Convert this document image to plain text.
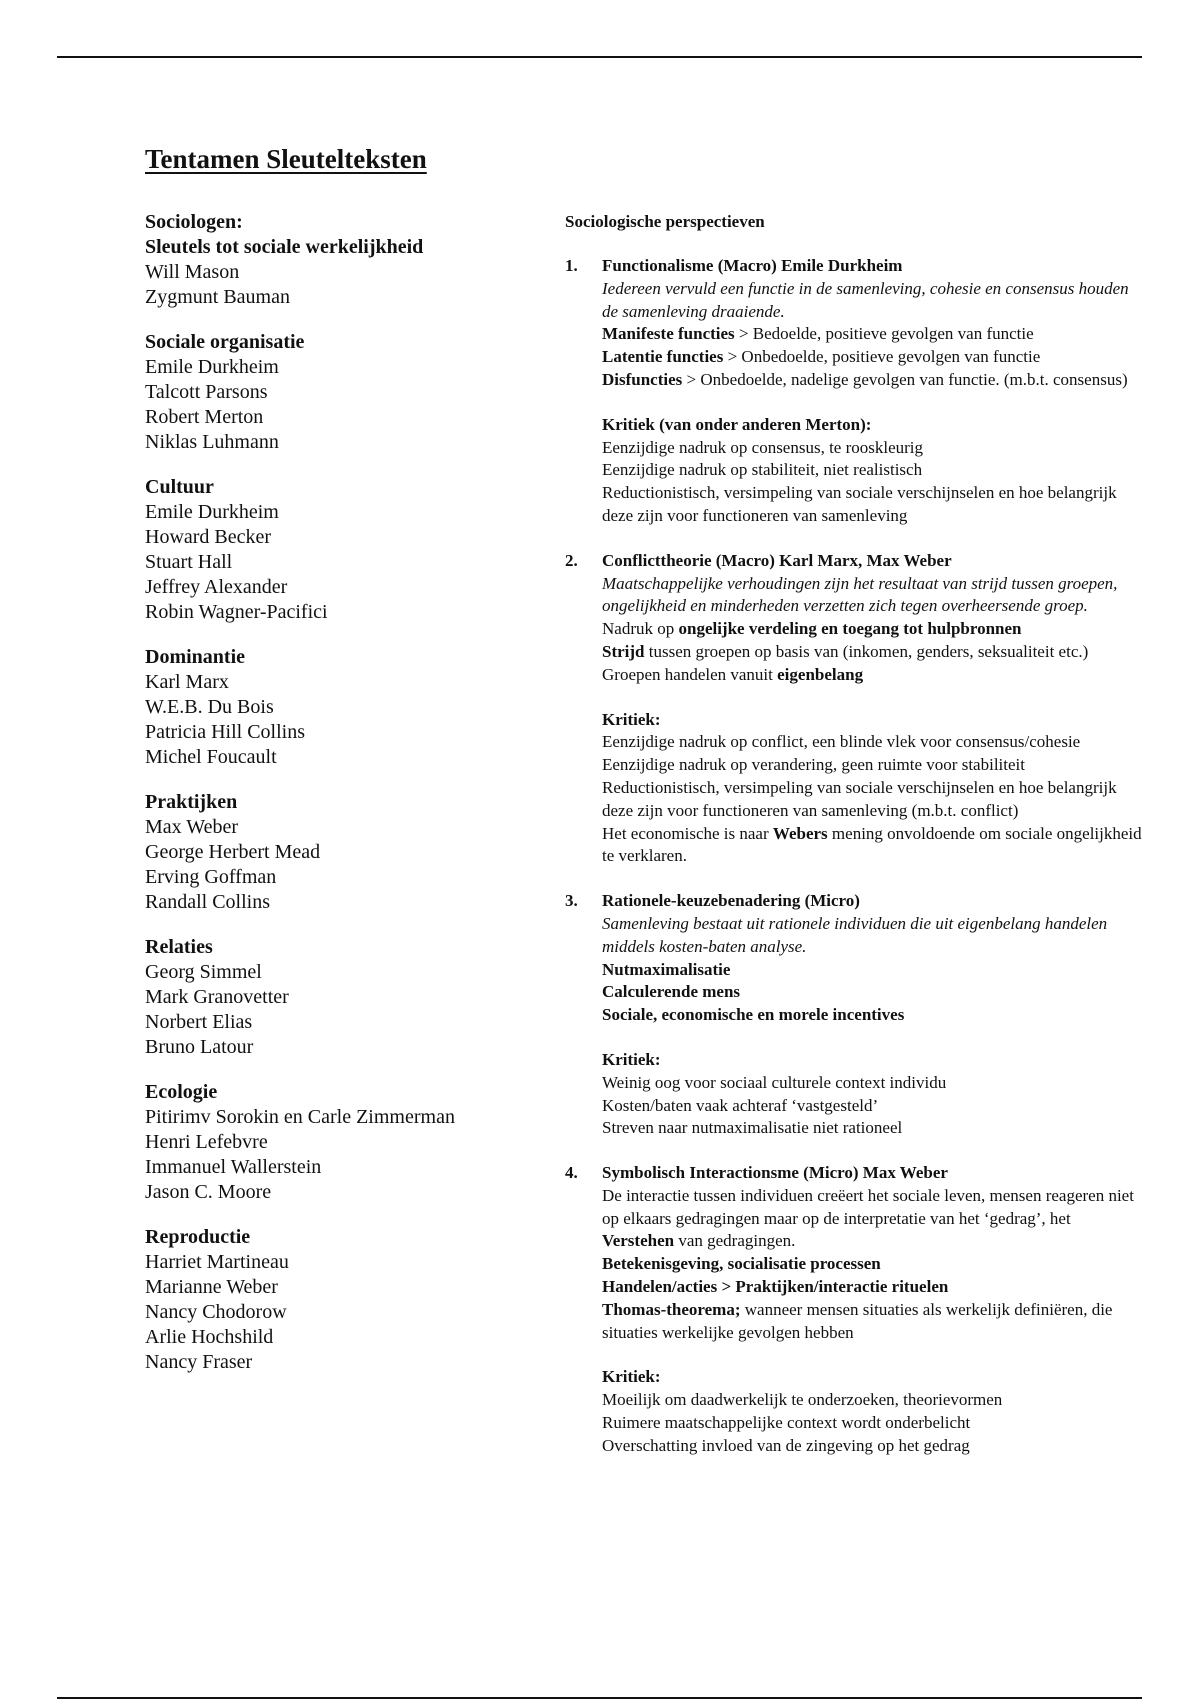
Tentamen Sleutelteksten
Sociologen:
Sleutels tot sociale werkelijkheid
Will Mason
Zygmunt Bauman
Sociale organisatie
Emile Durkheim
Talcott Parsons
Robert Merton
Niklas Luhmann
Cultuur
Emile Durkheim
Howard Becker
Stuart Hall
Jeffrey Alexander
Robin Wagner-Pacifici
Dominantie
Karl Marx
W.E.B. Du Bois
Patricia Hill Collins
Michel Foucault
Praktijken
Max Weber
George Herbert Mead
Erving Goffman
Randall Collins
Relaties
Georg Simmel
Mark Granovetter
Norbert Elias
Bruno Latour
Ecologie
Pitirimv Sorokin en Carle Zimmerman
Henri Lefebvre
Immanuel Wallerstein
Jason C. Moore
Reproductie
Harriet Martineau
Marianne Weber
Nancy Chodorow
Arlie Hochshild
Nancy Fraser
Sociologische perspectieven
1. Functionalisme (Macro) Emile Durkheim
Iedereen vervuld een functie in de samenleving, cohesie en consensus houden de samenleving draaiende.
Manifeste functies > Bedoelde, positieve gevolgen van functie
Latentie functies > Onbedoelde, positieve gevolgen van functie
Disfuncties > Onbedoelde, nadelige gevolgen van functie. (m.b.t. consensus)
Kritiek (van onder anderen Merton):
Eenzijdige nadruk op consensus, te rooskleurig
Eenzijdige nadruk op stabiliteit, niet realistisch
Reductionistisch, versimpeling van sociale verschijnselen en hoe belangrijk deze zijn voor functioneren van samenleving
2. Conflicttheorie (Macro) Karl Marx, Max Weber
Maatschappelijke verhoudingen zijn het resultaat van strijd tussen groepen, ongelijkheid en minderheden verzetten zich tegen overheersende groep.
Nadruk op ongelijke verdeling en toegang tot hulpbronnen
Strijd tussen groepen op basis van (inkomen, genders, seksualiteit etc.)
Groepen handelen vanuit eigenbelang
Kritiek:
Eenzijdige nadruk op conflict, een blinde vlek voor consensus/cohesie
Eenzijdige nadruk op verandering, geen ruimte voor stabiliteit
Reductionistisch, versimpeling van sociale verschijnselen en hoe belangrijk deze zijn voor functioneren van samenleving (m.b.t. conflict)
Het economische is naar Webers mening onvoldoende om sociale ongelijkheid te verklaren.
3. Rationele-keuzebenadering (Micro)
Samenleving bestaat uit rationele individuen die uit eigenbelang handelen middels kosten-baten analyse.
Nutmaximalisatie
Calculerende mens
Sociale, economische en morele incentives
Kritiek:
Weinig oog voor sociaal culturele context individu
Kosten/baten vaak achteraf ‘vastgesteld’
Streven naar nutmaximalisatie niet rationeel
4. Symbolisch Interactionsme (Micro) Max Weber
De interactie tussen individuen creëert het sociale leven, mensen reageren niet op elkaars gedragingen maar op de interpretatie van het ‘gedrag’, het Verstehen van gedragingen.
Betekenisgeving, socialisatie processen
Handelen/acties > Praktijken/interactie rituelen
Thomas-theorema; wanneer mensen situaties als werkelijk definiëren, die situaties werkelijke gevolgen hebben
Kritiek:
Moeilijk om daadwerkelijk te onderzoeken, theorievormen
Ruimere maatschappelijke context wordt onderbelicht
Overschatting invloed van de zingeving op het gedrag
